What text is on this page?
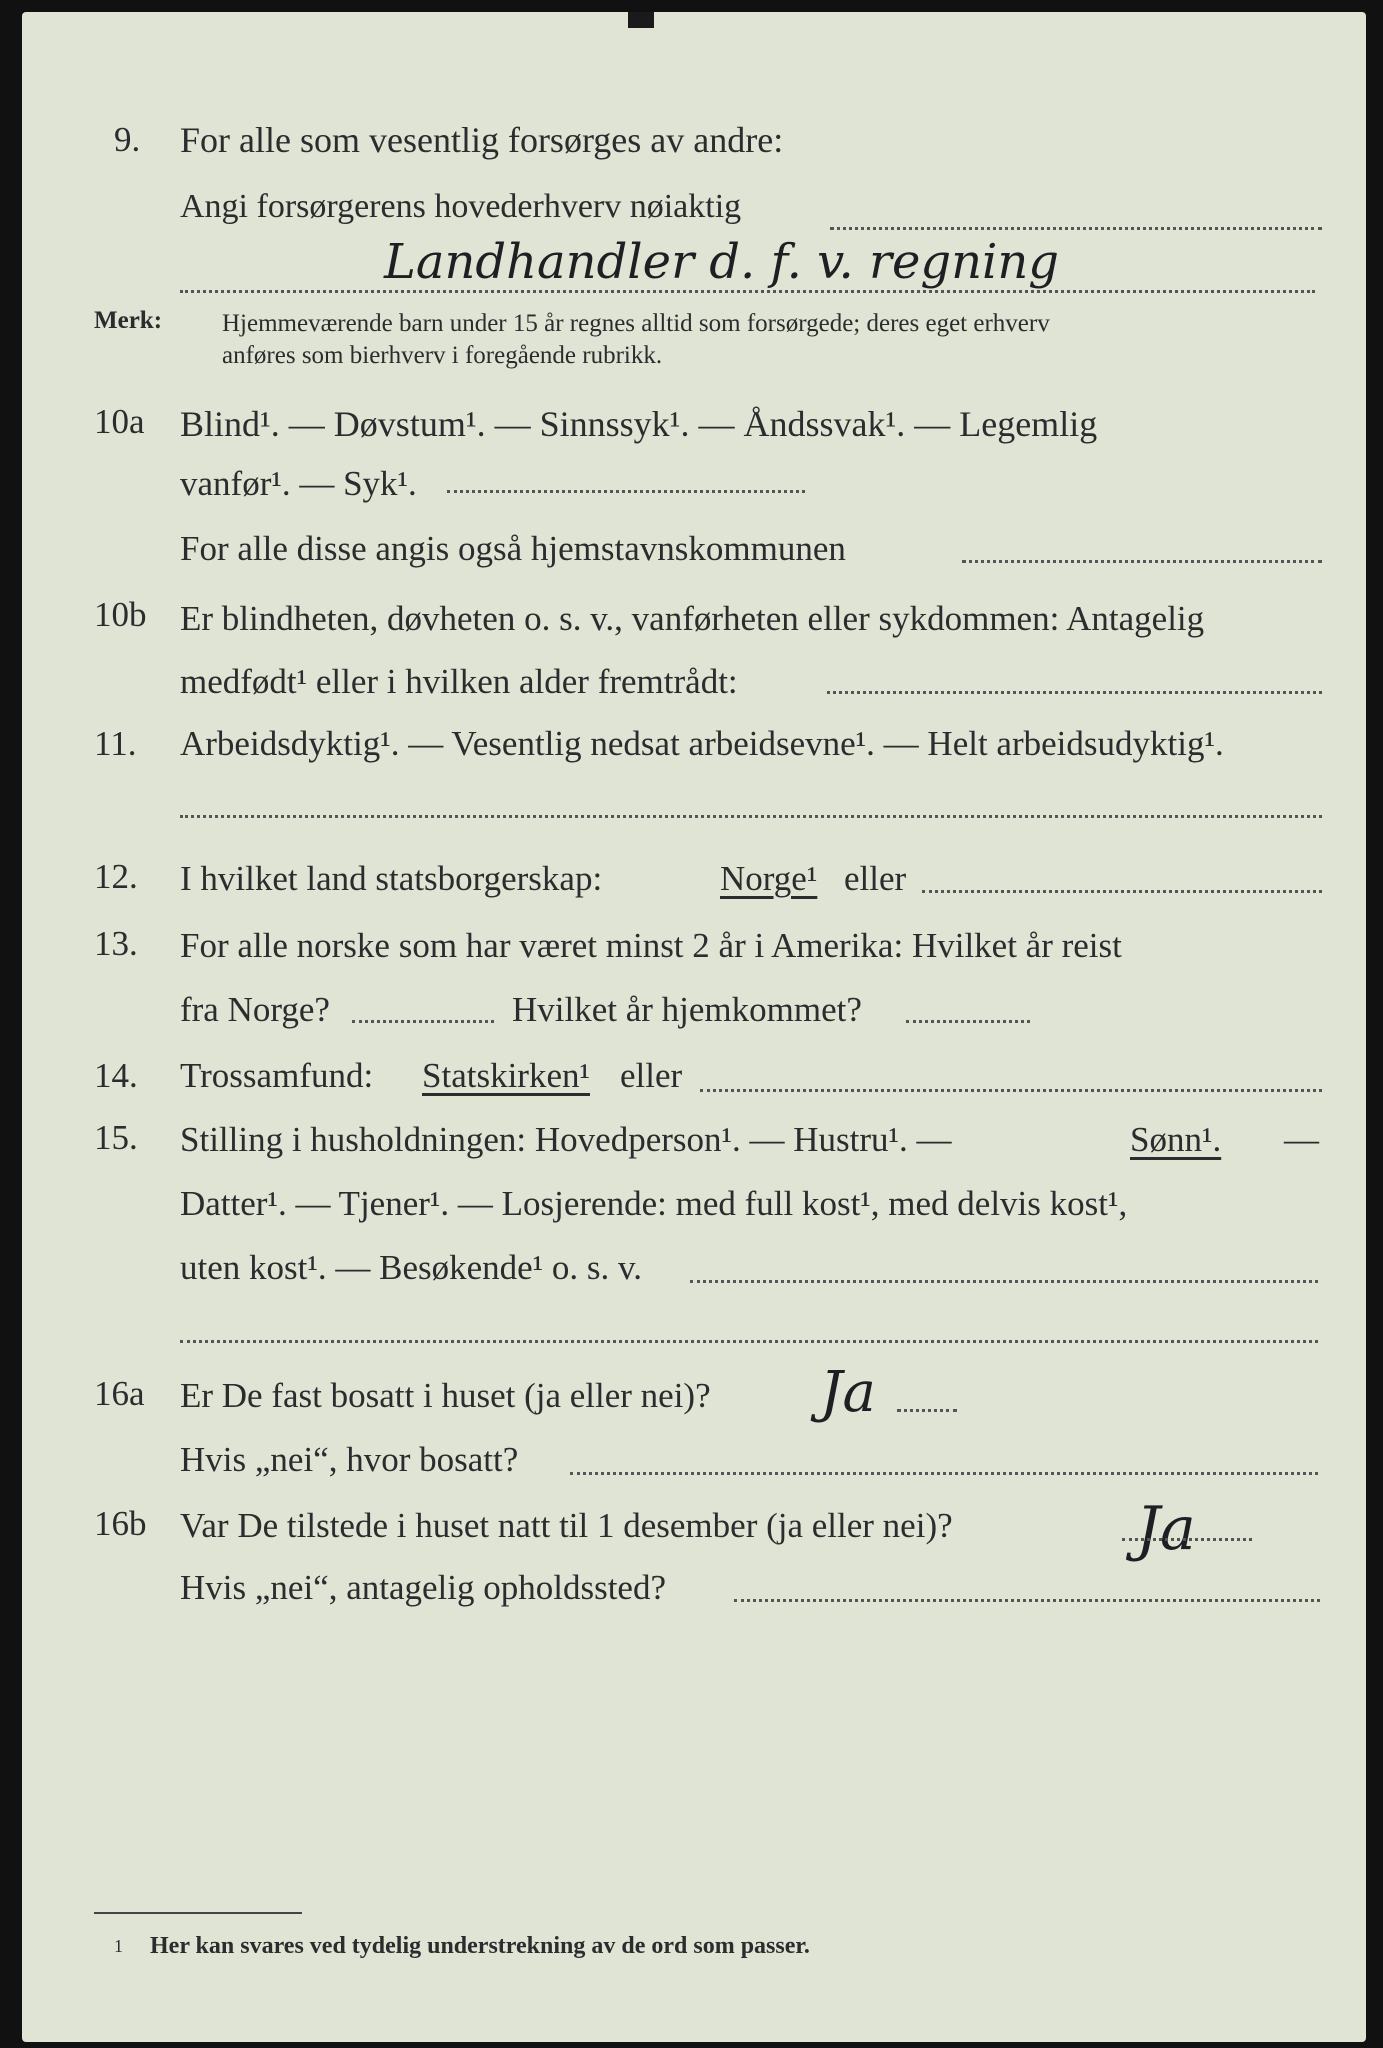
9. For alle som vesentlig forsørges av andre:
Angi forsørgerens hovederhverv nøiaktig
Landhandler d. f. v. regning
Merk: Hjemmeværende barn under 15 år regnes alltid som forsørgede; deres eget erhverv
anføres som bierhverv i foregående rubrikk.
10a Blind¹. — Døvstum¹. — Sinnssyk¹. — Åndssvak¹. — Legemlig
vanfør¹. — Syk¹.
For alle disse angis også hjemstavnskommunen
10b Er blindheten, døvheten o. s. v., vanførheten eller sykdommen: Antagelig
medfødt¹ eller i hvilken alder fremtrådt:
11. Arbeidsdyktig¹. — Vesentlig nedsat arbeidsevne¹. — Helt arbeidsudyktig¹.
12. I hvilket land statsborgerskap:	Norge¹ eller
13. For alle norske som har været minst 2 år i Amerika: Hvilket år reist
fra Norge?	Hvilket år hjemkommet?
14. Trossamfund: Statskirken¹ eller
15. Stilling i husholdningen: Hovedperson¹. — Hustru¹. —	Sønn¹. —
Datter¹. — Tjener¹. — Losjerende: med full kost¹, med delvis kost¹,
uten kost¹. — Besøkende¹ o. s. v.
16a Er De fast bosatt i huset (ja eller nei)? Ja
Hvis „nei“, hvor bosatt?
16b Var De tilstede i huset natt til 1 desember (ja eller nei)?	Ja
Hvis „nei“, antagelig opholdssted?
1 Her kan svares ved tydelig understrekning av de ord som passer.
